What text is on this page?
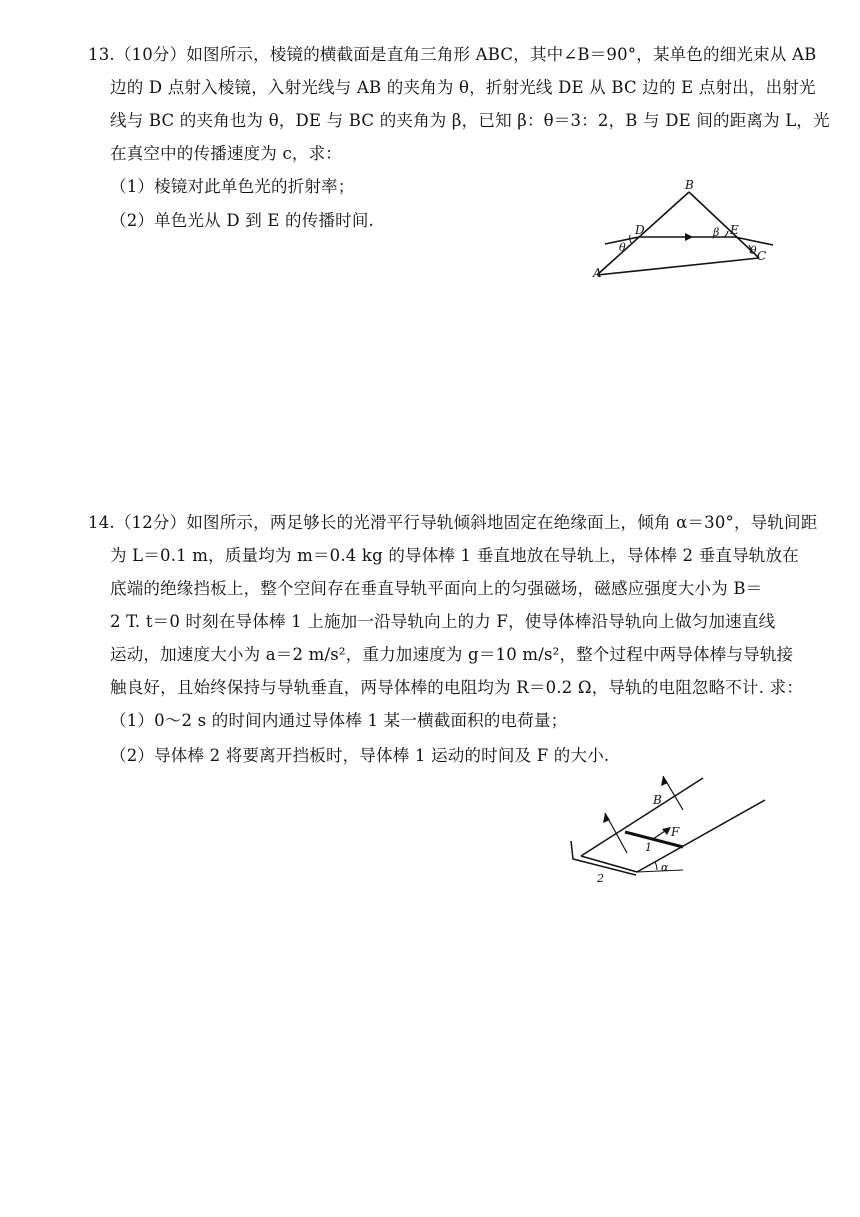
13.（10分）如图所示，棱镜的横截面是直角三角形 ABC，其中∠B＝90°，某单色的细光束从 AB
边的 D 点射入棱镜，入射光线与 AB 的夹角为 θ，折射光线 DE 从 BC 边的 E 点射出，出射光
线与 BC 的夹角也为 θ，DE 与 BC 的夹角为 β，已知 β：θ＝3：2，B 与 DE 间的距离为 L，光
在真空中的传播速度为 c，求：
（1）棱镜对此单色光的折射率；
（2）单色光从 D 到 E 的传播时间.
B
A
C
D	E
θ
β
θ
14.（12分）如图所示，两足够长的光滑平行导轨倾斜地固定在绝缘面上，倾角 α＝30°，导轨间距
为 L＝0.1 m，质量均为 m＝0.4 kg 的导体棒 1 垂直地放在导轨上，导体棒 2 垂直导轨放在
底端的绝缘挡板上，整个空间存在垂直导轨平面向上的匀强磁场，磁感应强度大小为 B＝
2 T. t＝0 时刻在导体棒 1 上施加一沿导轨向上的力 F，使导体棒沿导轨向上做匀加速直线
运动，加速度大小为 a＝2 m/s²，重力加速度为 g＝10 m/s²，整个过程中两导体棒与导轨接
触良好，且始终保持与导轨垂直，两导体棒的电阻均为 R＝0.2 Ω，导轨的电阻忽略不计. 求：
（1）0～2 s 的时间内通过导体棒 1 某一横截面积的电荷量；
（2）导体棒 2 将要离开挡板时，导体棒 1 运动的时间及 F 的大小.
B
F
1
2
α
